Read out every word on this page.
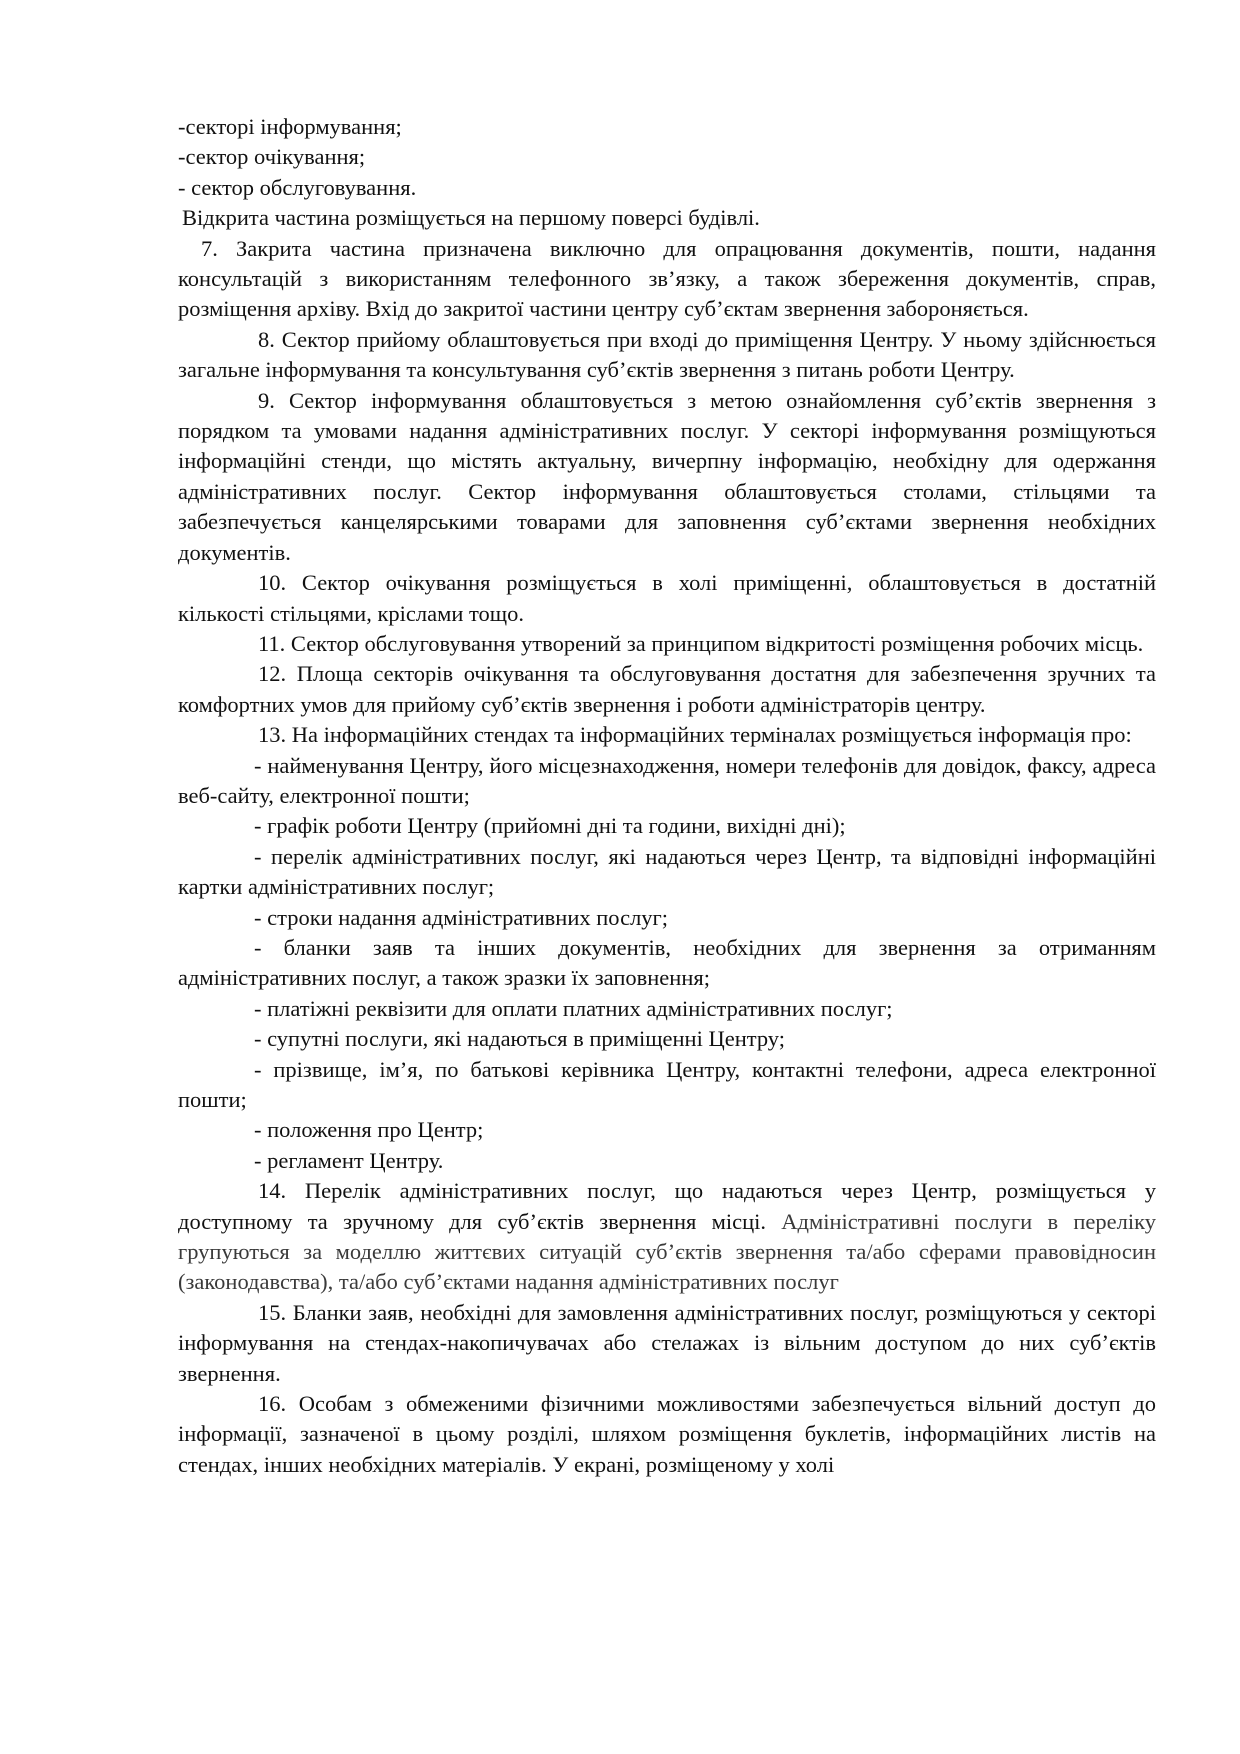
-секторі інформування;

-сектор очікування;

- сектор обслуговування.

Відкрита частина розміщується на першому поверсі будівлі.

7. Закрита частина призначена виключно для опрацювання документів, пошти, надання консультацій з використанням телефонного зв’язку, а також збереження документів, справ, розміщення архіву. Вхід до закритої частини центру суб’єктам звернення забороняється.

8. Сектор прийому облаштовується при вході до приміщення Центру. У ньому здійснюється загальне інформування та консультування суб’єктів звернення з питань роботи Центру.

9. Сектор інформування облаштовується з метою ознайомлення суб’єктів звернення з порядком та умовами надання адміністративних послуг. У секторі інформування розміщуються інформаційні стенди, що містять актуальну, вичерпну інформацію, необхідну для одержання адміністративних послуг. Сектор інформування облаштовується столами, стільцями та забезпечується канцелярськими товарами для заповнення суб’єктами звернення необхідних документів.

10. Сектор очікування розміщується в холі приміщенні, облаштовується в достатній кількості стільцями, кріслами тощо.

11. Сектор обслуговування утворений за принципом відкритості розміщення робочих місць.

12. Площа секторів очікування та обслуговування достатня для забезпечення зручних та комфортних умов для прийому суб’єктів звернення і роботи адміністраторів центру.

13. На інформаційних стендах та інформаційних терміналах розміщується інформація про:

- найменування Центру, його місцезнаходження, номери телефонів для довідок, факсу, адреса веб-сайту, електронної пошти;

- графік роботи Центру (прийомні дні та години, вихідні дні);

- перелік адміністративних послуг, які надаються через Центр, та відповідні інформаційні картки адміністративних послуг;

- строки надання адміністративних послуг;

- бланки заяв та інших документів, необхідних для звернення за отриманням адміністративних послуг, а також зразки їх заповнення;

- платіжні реквізити для оплати платних адміністративних послуг;

- супутні послуги, які надаються в приміщенні Центру;

- прізвище, ім’я, по батькові керівника Центру, контактні телефони, адреса електронної пошти;

- положення про Центр;

- регламент Центру.

14. Перелік адміністративних послуг, що надаються через Центр, розміщується у доступному та зручному для суб’єктів звернення місці. Адміністративні послуги в переліку групуються за моделлю життєвих ситуацій суб’єктів звернення та/або сферами правовідносин (законодавства), та/або суб’єктами надання адміністративних послуг

15. Бланки заяв, необхідні для замовлення адміністративних послуг, розміщуються у секторі інформування на стендах-накопичувачах або стелажах із вільним доступом до них суб’єктів звернення.

16. Особам з обмеженими фізичними можливостями забезпечується вільний доступ до інформації, зазначеної в цьому розділі, шляхом розміщення буклетів, інформаційних листів на стендах, інших необхідних матеріалів. У екрані, розміщеному у холі
